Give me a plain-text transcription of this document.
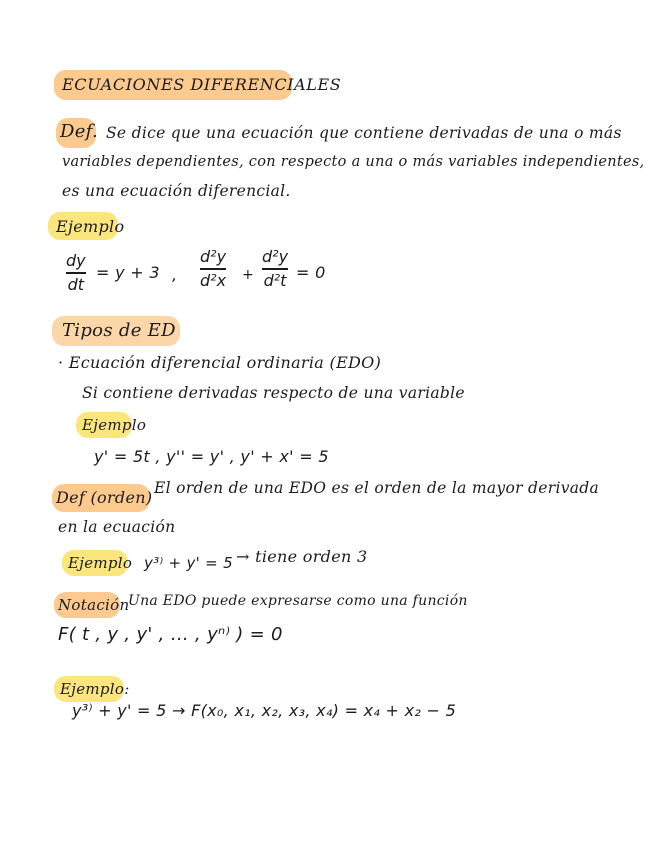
ECUACIONES DIFERENCIALES
Def. Se dice que una ecuación que contiene derivadas de una o más
variables dependientes, con respecto a una o más variables independientes,
es una ecuación diferencial.
Ejemplo
dy
dt
= y + 3 ,
d²y
d²x +
d²y
d²t = 0
Tipos de ED
· Ecuación diferencial ordinaria (EDO)
Si contiene derivadas respecto de una variable
Ejemplo
y' = 5t , y'' = y' , y' + x' = 5
Def (orden) El orden de una EDO es el orden de la mayor derivada
en la ecuación
Ejemplo y³⁾ + y' = 5 → tiene orden 3
Notación
Una EDO puede expresarse como una función
F( t , y , y' , … , yⁿ⁾ ) = 0
Ejemplo:
y³⁾ + y' = 5 → F(x₀, x₁, x₂, x₃, x₄) = x₄ + x₂ − 5
